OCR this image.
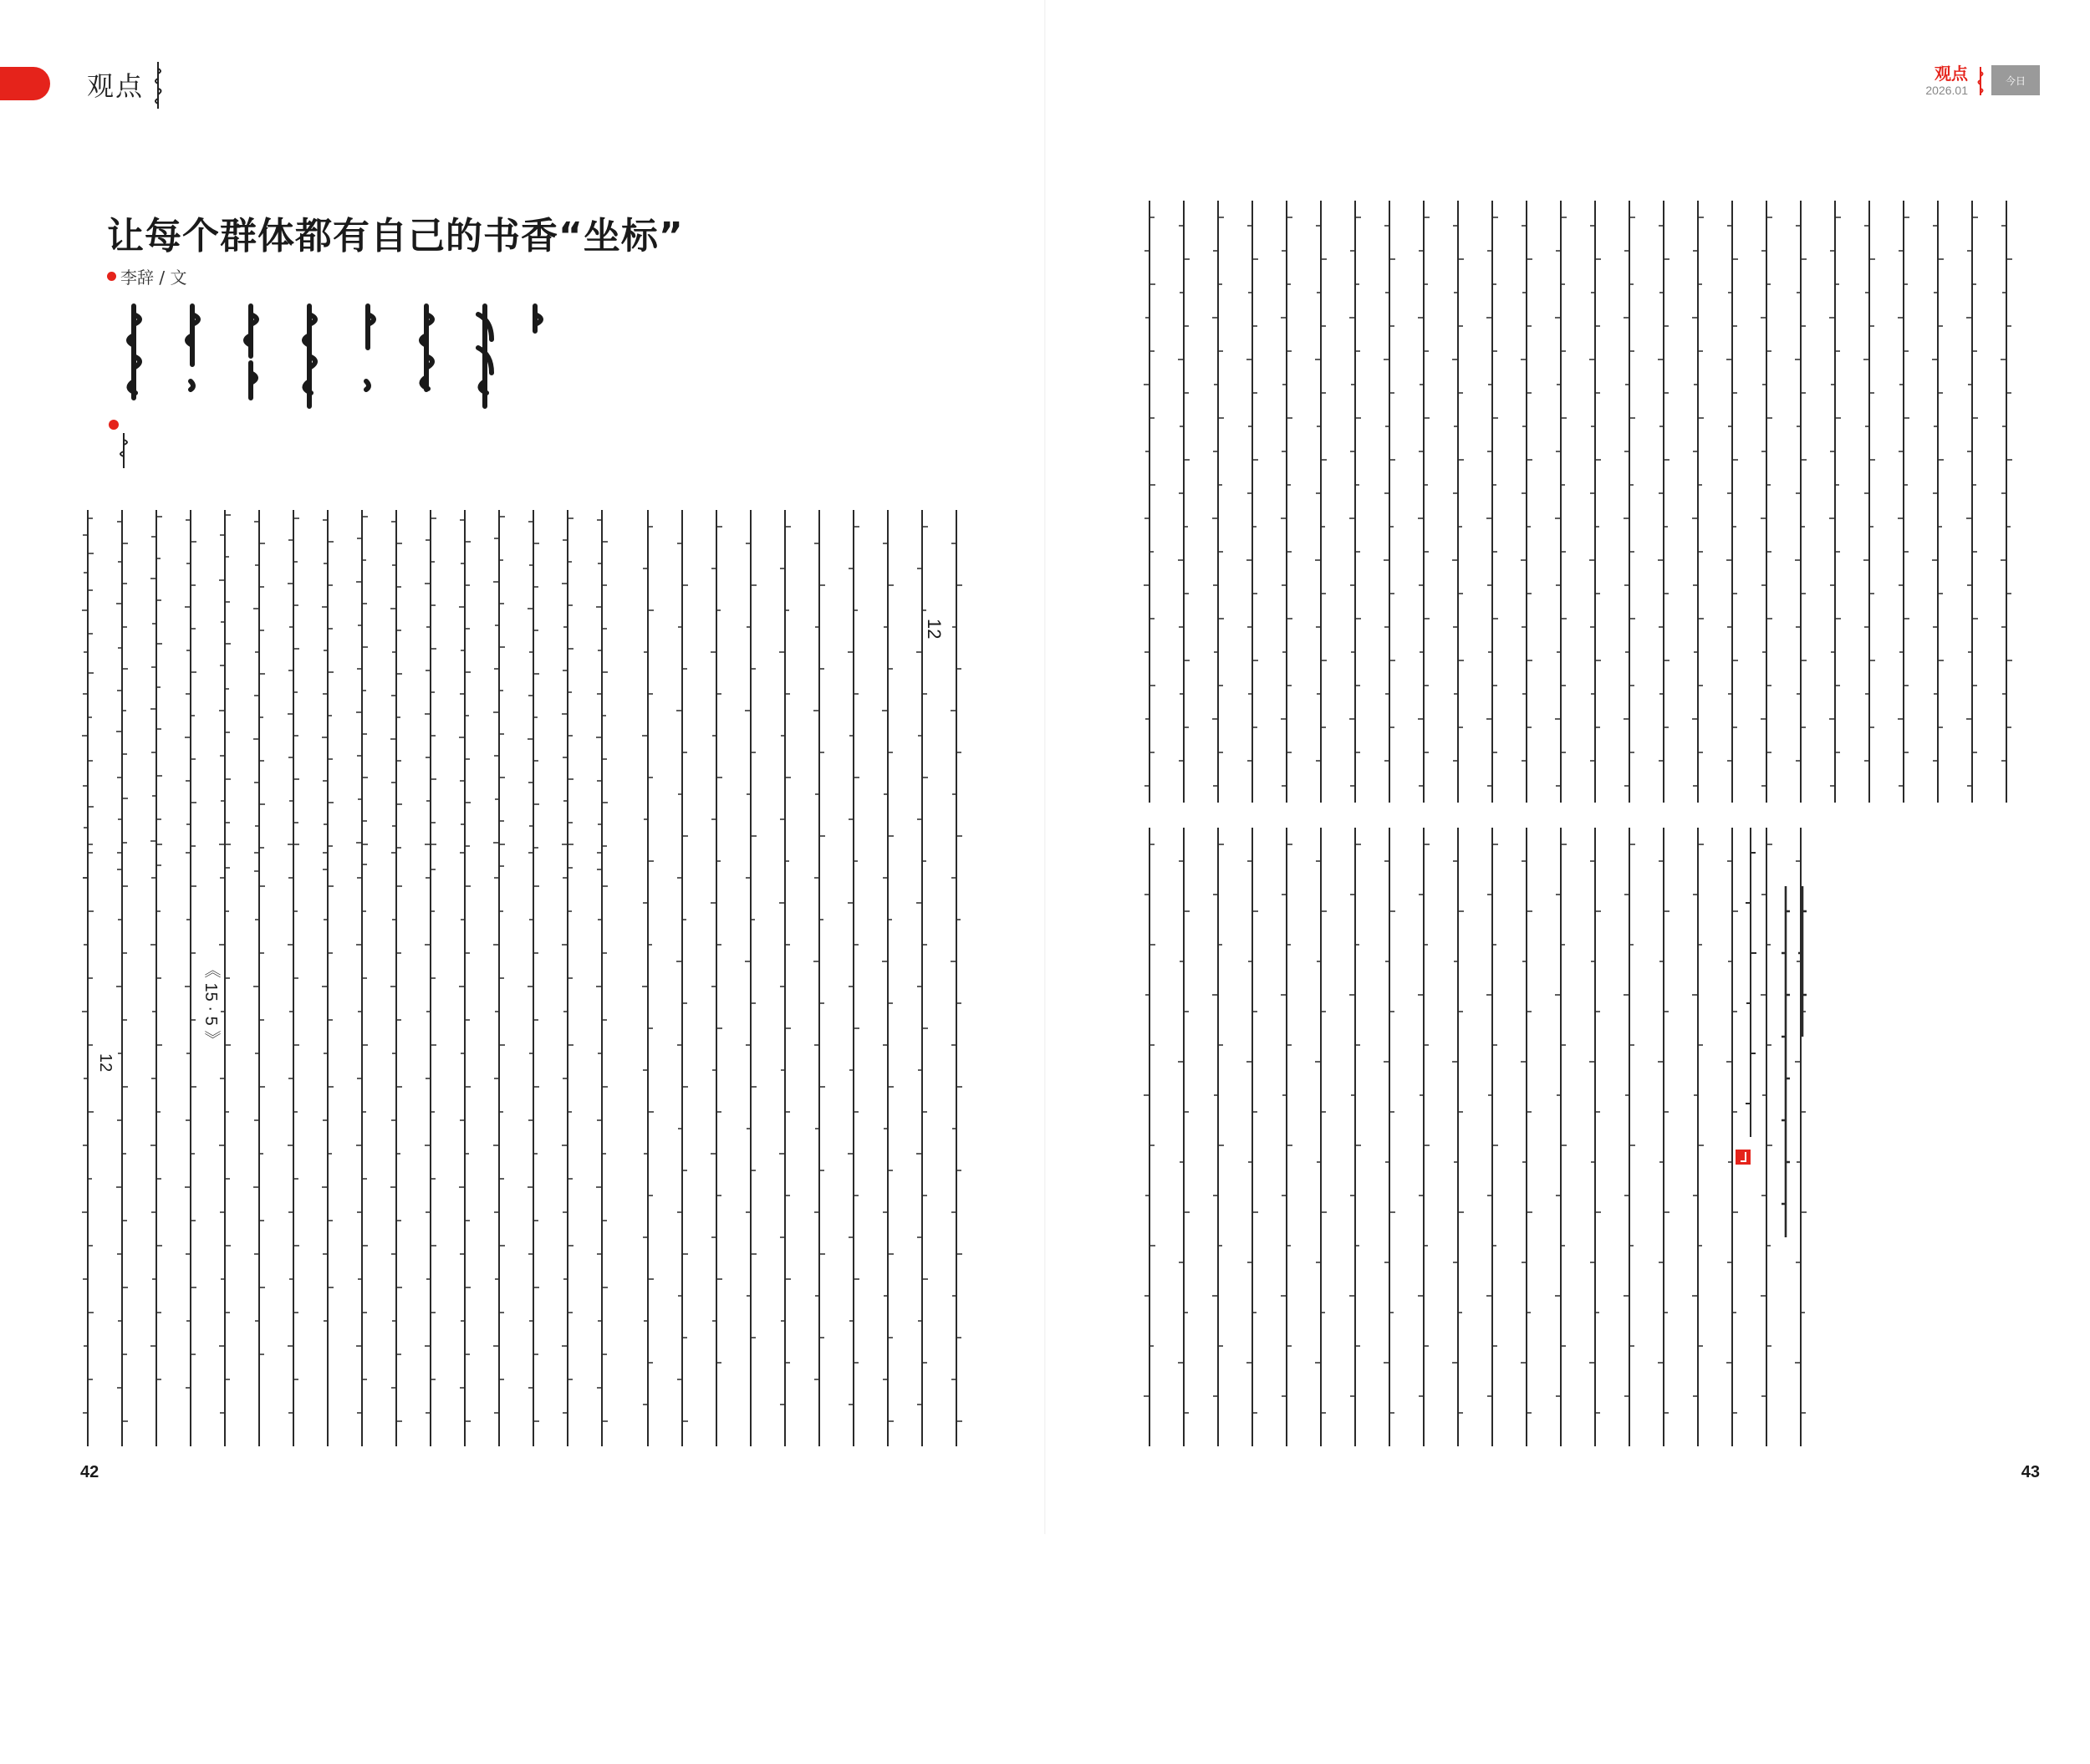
观点
让每个群体都有自己的书香“坐标”
李辞 / 文
12
《 15 · 5 》
12
42
观点
2026.01
今日
43
